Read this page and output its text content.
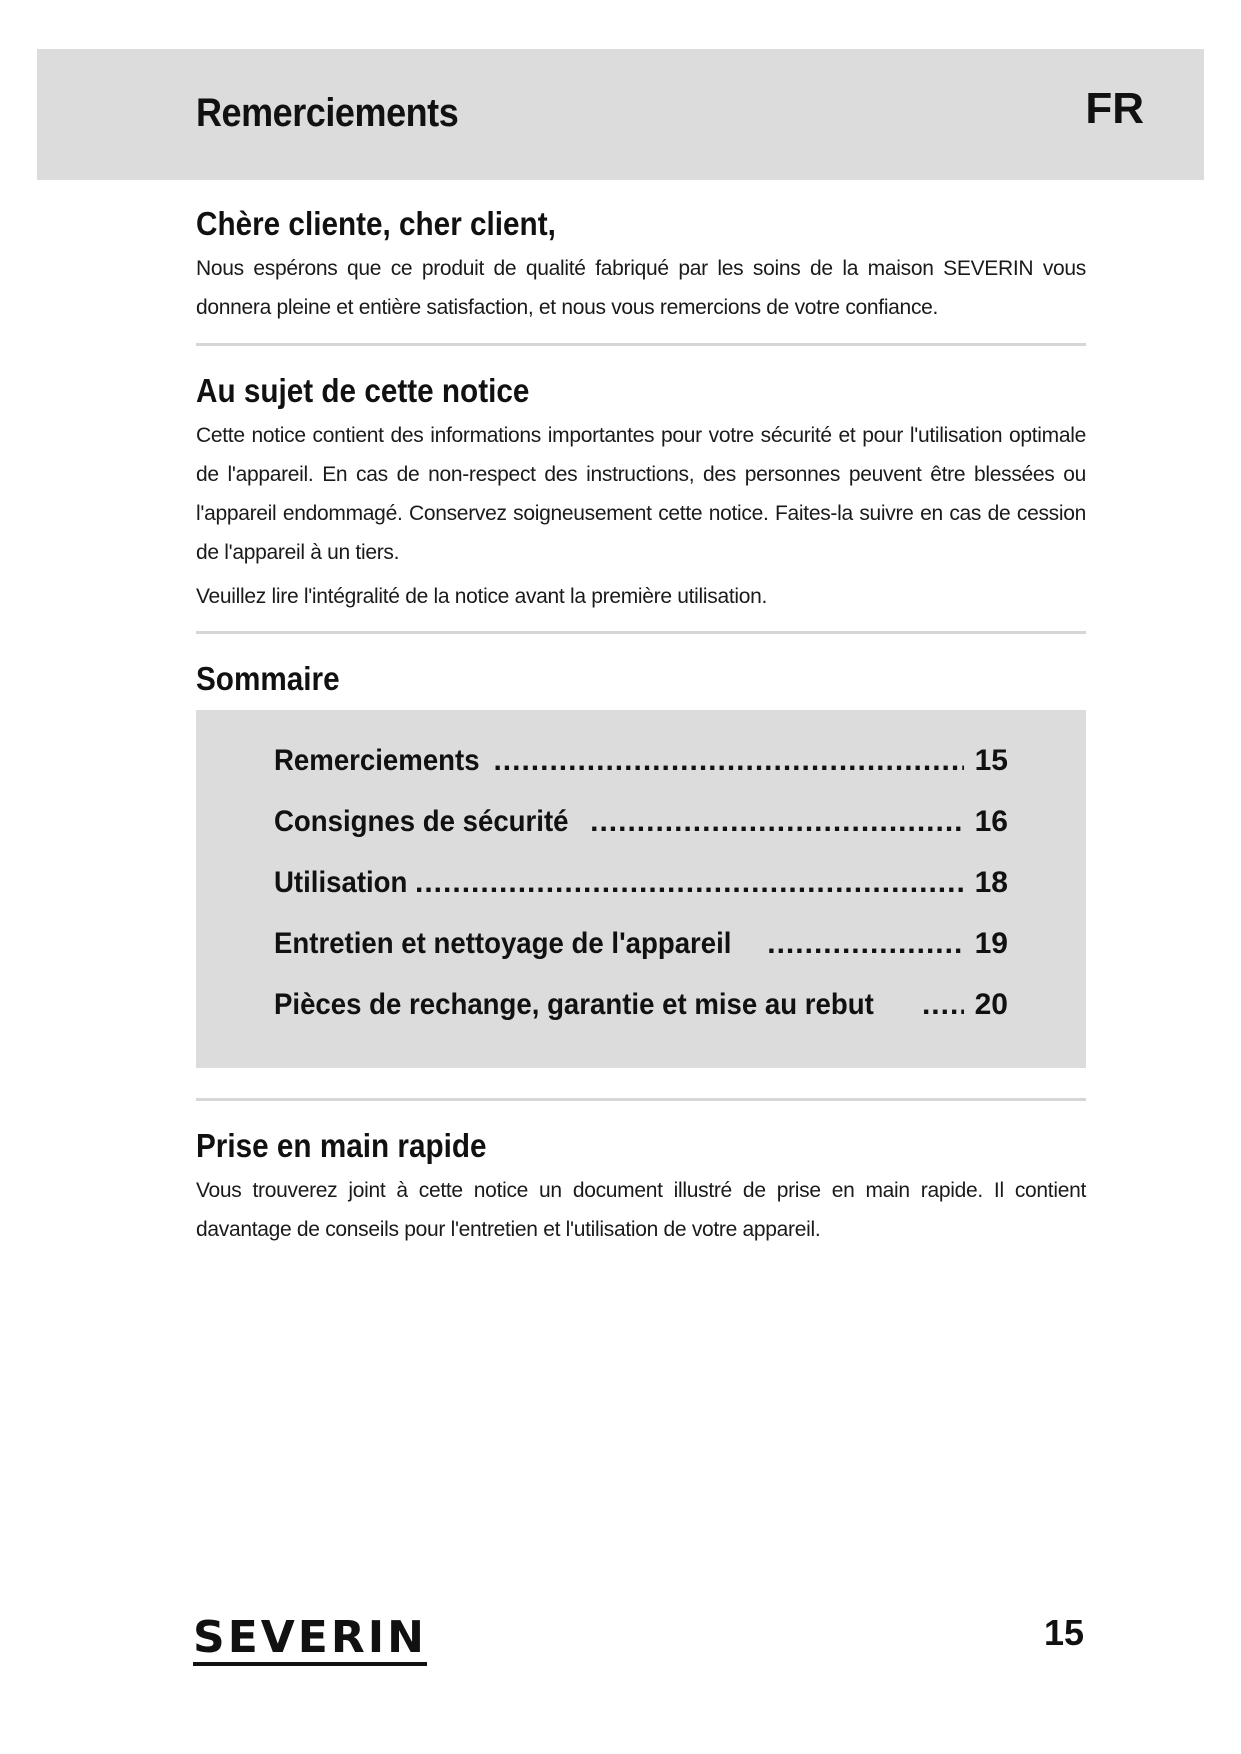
Remerciements	FR
Chère cliente, cher client,

Nous espérons que ce produit de qualité fabriqué par les soins de la maison SEVERIN vous donnera pleine et entière satisfaction, et nous vous remercions de votre confiance.

Au sujet de cette notice

Cette notice contient des informations importantes pour votre sécurité et pour l'utilisation optimale de l'appareil. En cas de non-respect des instructions, des personnes peuvent être blessées ou l'appareil endommagé. Conservez soigneusement cette notice. Faites-la suivre en cas de cession de l'appareil à un tiers.

Veuillez lire l'intégralité de la notice avant la première utilisation.

Sommaire
Remerciements .....	15
Consignes de sécurité .....	16
Utilisation .....	18
Entretien et nettoyage de l'appareil .....	19
Pièces de rechange, garantie et mise au rebut .....	20
Prise en main rapide

Vous trouverez joint à cette notice un document illustré de prise en main rapide. Il contient davantage de conseils pour l'entretien et l'utilisation de votre appareil.

SEVERIN	15
